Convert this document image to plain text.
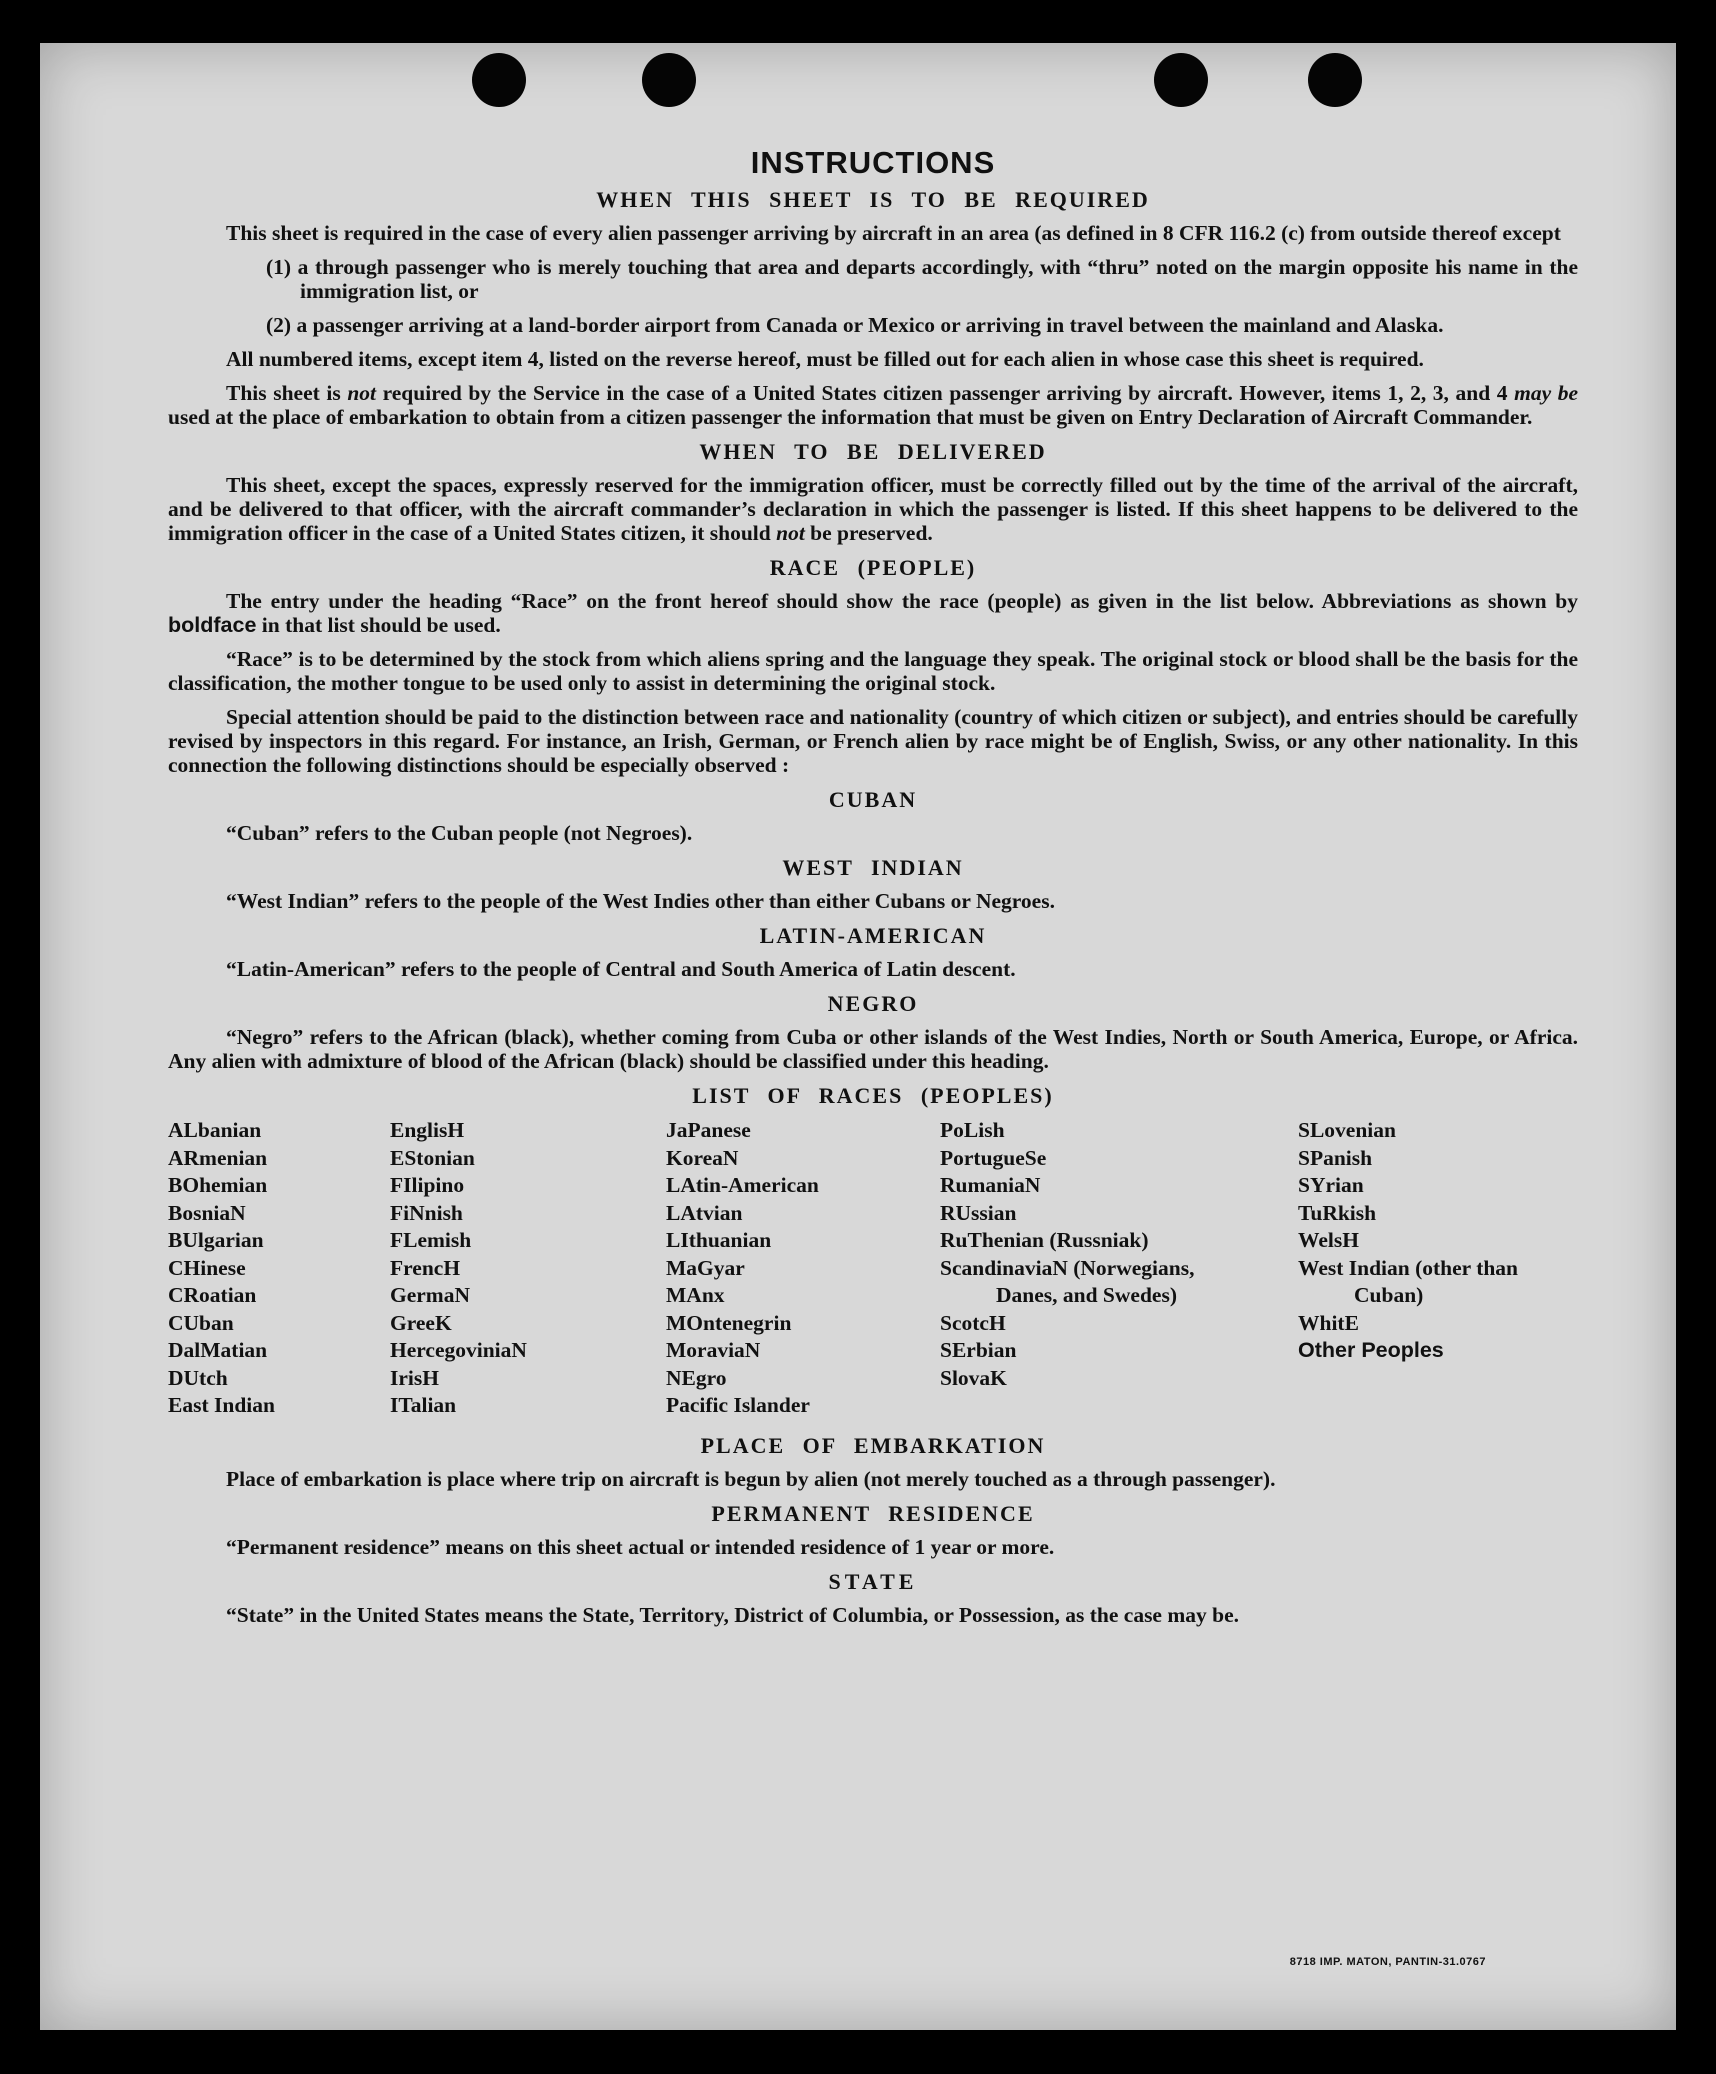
INSTRUCTIONS
WHEN THIS SHEET IS TO BE REQUIRED

This sheet is required in the case of every alien passenger arriving by aircraft in an area (as defined in 8 CFR 116.2 (c) from outside thereof except

(1) a through passenger who is merely touching that area and departs accordingly, with “thru” noted on the margin opposite his name in the immigration list, or
(2) a passenger arriving at a land-border airport from Canada or Mexico or arriving in travel between the mainland and Alaska.

All numbered items, except item 4, listed on the reverse hereof, must be filled out for each alien in whose case this sheet is required.

This sheet is not required by the Service in the case of a United States citizen passenger arriving by aircraft. However, items 1, 2, 3, and 4 may be used at the place of embarkation to obtain from a citizen passenger the information that must be given on Entry Declaration of Aircraft Commander.

WHEN TO BE DELIVERED

This sheet, except the spaces, expressly reserved for the immigration officer, must be correctly filled out by the time of the arrival of the aircraft, and be delivered to that officer, with the aircraft commander’s declaration in which the passenger is listed. If this sheet happens to be delivered to the immigration officer in the case of a United States citizen, it should not be preserved.

RACE (PEOPLE)

The entry under the heading “Race” on the front hereof should show the race (people) as given in the list below. Abbreviations as shown by boldface in that list should be used.

“Race” is to be determined by the stock from which aliens spring and the language they speak. The original stock or blood shall be the basis for the classification, the mother tongue to be used only to assist in determining the original stock.

Special attention should be paid to the distinction between race and nationality (country of which citizen or subject), and entries should be carefully revised by inspectors in this regard. For instance, an Irish, German, or French alien by race might be of English, Swiss, or any other nationality. In this connection the following distinctions should be especially observed :

CUBAN

“Cuban” refers to the Cuban people (not Negroes).

WEST INDIAN

“West Indian” refers to the people of the West Indies other than either Cubans or Negroes.

LATIN-AMERICAN

“Latin-American” refers to the people of Central and South America of Latin descent.

NEGRO

“Negro” refers to the African (black), whether coming from Cuba or other islands of the West Indies, North or South America, Europe, or Africa. Any alien with admixture of blood of the African (black) should be classified under this heading.

LIST OF RACES (PEOPLES)
ALbanian
ARmenian
BOhemian
BosniaN
BUlgarian
CHinese
CRoatian
CUban
DalMatian
DUtch
East Indian
EnglisH
EStonian
FIlipino
FiNnish
FLemish
FrencH
GermaN
GreeK
HercegoviniaN
IrisH
ITalian
JaPanese
KoreaN
LAtin-American
LAtvian
LIthuanian
MaGyar
MAnx
MOntenegrin
MoraviaN
NEgro
Pacific Islander
PoLish
PortugueSe
RumaniaN
RUssian
RuThenian (Russniak)
ScandinaviaN (Norwegians, Danes, and Swedes)
ScotcH
SErbian
SlovaK
SLovenian
SPanish
SYrian
TuRkish
WelsH
West Indian (other than Cuban)
WhitE
Other Peoples
PLACE OF EMBARKATION

Place of embarkation is place where trip on aircraft is begun by alien (not merely touched as a through passenger).

PERMANENT RESIDENCE

“Permanent residence” means on this sheet actual or intended residence of 1 year or more.

STATE

“State” in the United States means the State, Territory, District of Columbia, or Possession, as the case may be.

8718 IMP. MATON, PANTIN-31.0767
